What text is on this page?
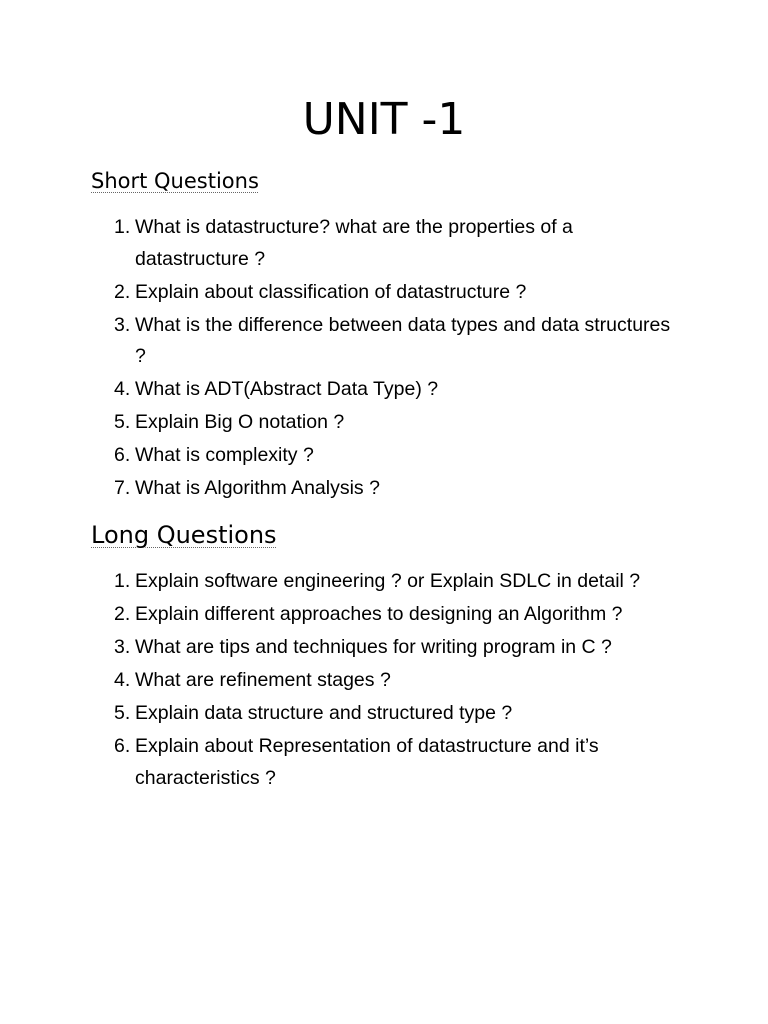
UNIT -1
Short Questions
1. What is datastructure? what are the properties of a datastructure ?
2. Explain about classification of datastructure ?
3. What is the difference between data types and data structures ?
4. What is ADT(Abstract Data Type) ?
5. Explain Big O notation ?
6. What is complexity ?
7. What is Algorithm Analysis ?
Long Questions
1. Explain software engineering ? or Explain SDLC in detail ?
2. Explain different approaches to designing an Algorithm ?
3. What are tips and techniques for writing program in C ?
4. What are refinement stages ?
5. Explain data structure and structured type ?
6. Explain about Representation of datastructure and it’s characteristics ?
